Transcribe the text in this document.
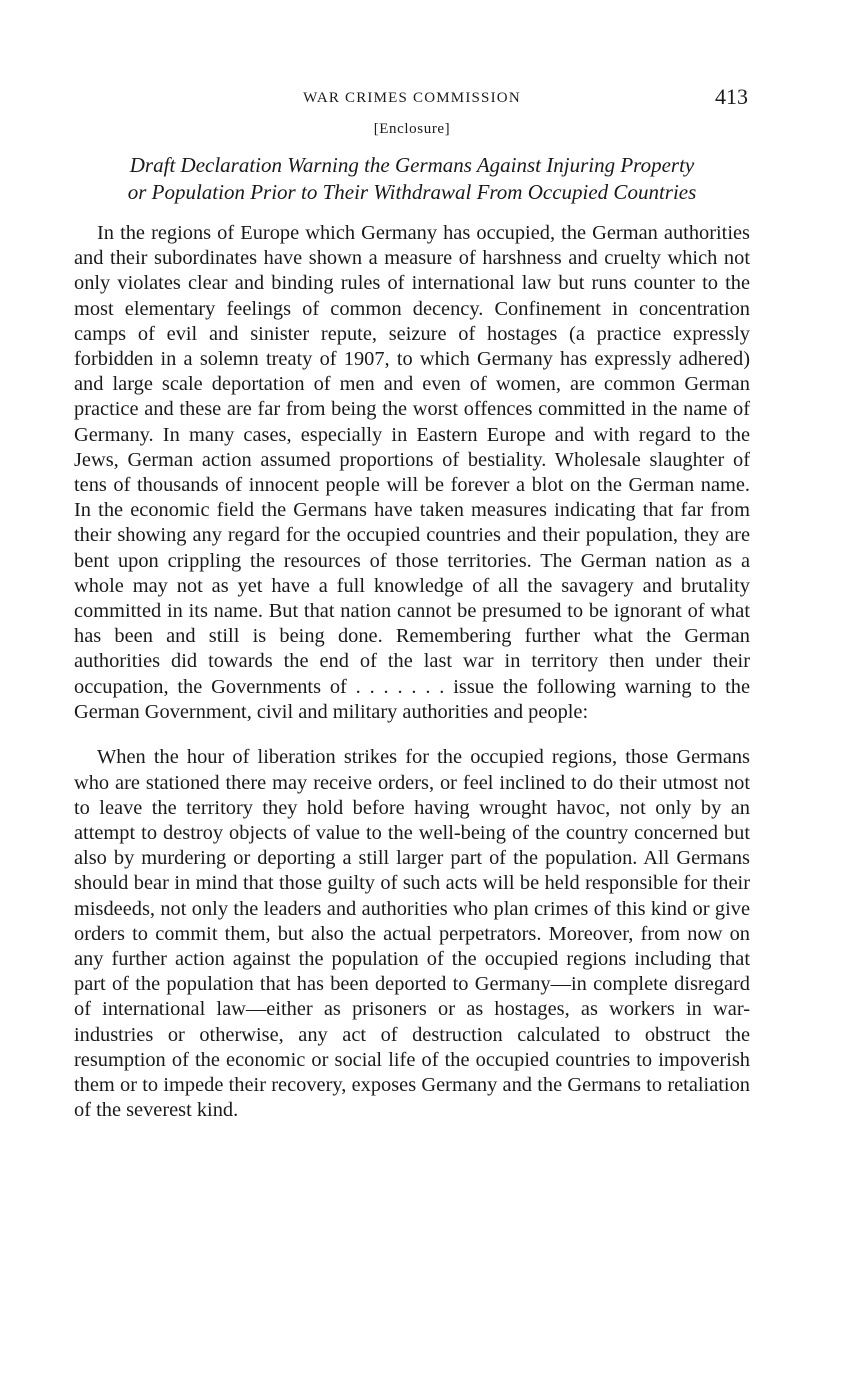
WAR CRIMES COMMISSION	413
[Enclosure]
Draft Declaration Warning the Germans Against Injuring Property
or Population Prior to Their Withdrawal From Occupied Countries

In the regions of Europe which Germany has occupied, the German authorities and their subordinates have shown a measure of harshness and cruelty which not only violates clear and binding rules of international law but runs counter to the most elementary feelings of common decency. Confinement in concentration camps of evil and sinister repute, seizure of hostages (a practice expressly forbidden in a solemn treaty of 1907, to which Germany has expressly adhered) and large scale deportation of men and even of women, are common German practice and these are far from being the worst offences committed in the name of Germany. In many cases, especially in Eastern Europe and with regard to the Jews, German action assumed proportions of bestiality. Wholesale slaughter of tens of thousands of innocent people will be forever a blot on the German name. In the economic field the Germans have taken measures indicating that far from their showing any regard for the occupied countries and their population, they are bent upon crippling the resources of those territories. The German nation as a whole may not as yet have a full knowledge of all the savagery and brutality committed in its name. But that nation cannot be presumed to be ignorant of what has been and still is being done. Remembering further what the German authorities did towards the end of the last war in territory then under their occupation, the Governments of . . . . . . . issue the following warning to the German Government, civil and military authorities and people:

When the hour of liberation strikes for the occupied regions, those Germans who are stationed there may receive orders, or feel inclined to do their utmost not to leave the territory they hold before having wrought havoc, not only by an attempt to destroy objects of value to the well-being of the country concerned but also by murdering or deporting a still larger part of the population. All Germans should bear in mind that those guilty of such acts will be held responsible for their misdeeds, not only the leaders and authorities who plan crimes of this kind or give orders to commit them, but also the actual perpetrators. Moreover, from now on any further action against the population of the occupied regions including that part of the population that has been deported to Germany—in complete disregard of international law—either as prisoners or as hostages, as workers in war-industries or otherwise, any act of destruction calculated to obstruct the resumption of the economic or social life of the occupied countries to impoverish them or to impede their recovery, exposes Germany and the Germans to retaliation of the severest kind.
